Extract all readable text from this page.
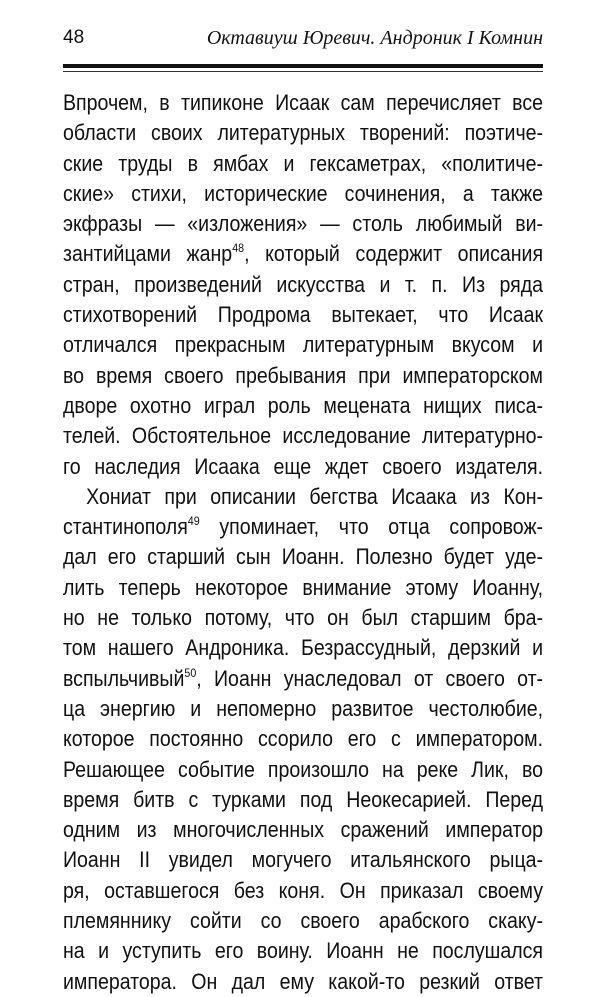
48	Октавиуш Юревич. Андроник I Комнин
Впрочем, в типиконе Исаак сам перечисляет все
области своих литературных творений: поэтиче-
ские труды в ямбах и гексаметрах, «политиче-
ские» стихи, исторические сочинения, а также
экфразы — «изложения» — столь любимый ви-
зантийцами жанр$^{48}$, который содержит описания
стран, произведений искусства и т. п. Из ряда
стихотворений Продрома вытекает, что Исаак
отличался прекрасным литературным вкусом и
во время своего пребывания при императорском
дворе охотно играл роль мецената нищих писа-
телей. Обстоятельное исследование литературно-
го наследия Исаака еще ждет своего издателя.
Хониат при описании бегства Исаака из Кон-
стантинополя$^{49}$ упоминает, что отца сопровож-
дал его старший сын Иоанн. Полезно будет уде-
лить теперь некоторое внимание этому Иоанну,
но не только потому, что он был старшим бра-
том нашего Андроника. Безрассудный, дерзкий и
вспыльчивый$^{50}$, Иоанн унаследовал от своего от-
ца энергию и непомерно развитое честолюбие,
которое постоянно ссорило его с императором.
Решающее событие произошло на реке Лик, во
время битв с турками под Неокесарией. Перед
одним из многочисленных сражений император
Иоанн II увидел могучего итальянского рыца-
ря, оставшегося без коня. Он приказал своему
племяннику сойти со своего арабского скаку-
на и уступить его воину. Иоанн не послушался
императора. Он дал ему какой-то резкий ответ
